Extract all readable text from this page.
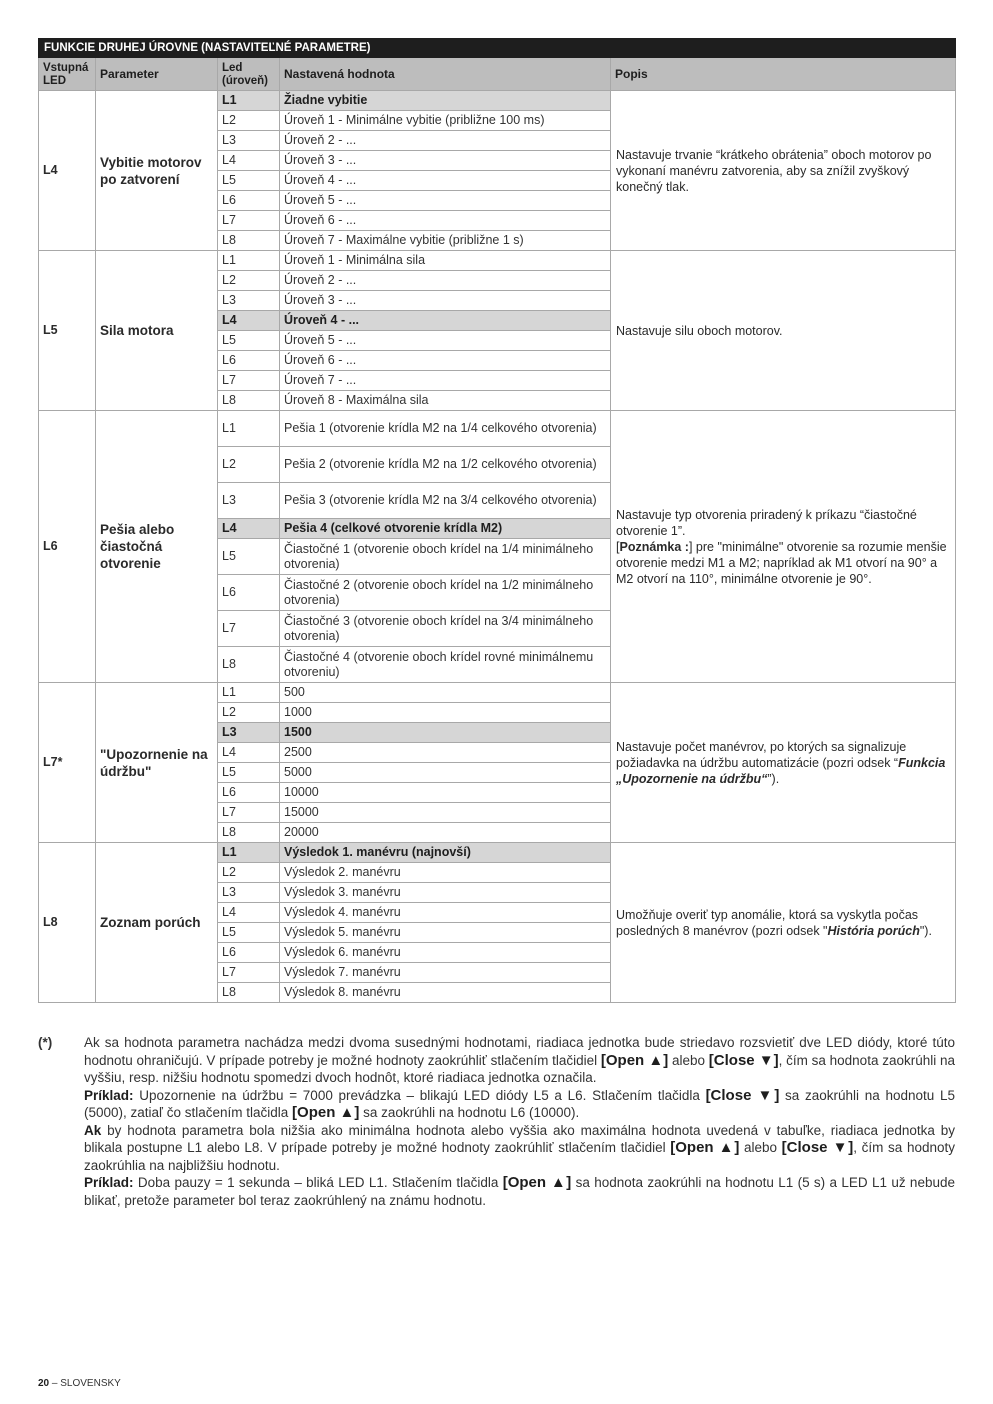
FUNKCIE DRUHEJ ÚROVNE (NASTAVITEĽNÉ PARAMETRE)				
Vstupná LED	Parameter	Led (úroveň)	Nastavená hodnota	Popis
L4	Vybitie motorov po zatvorení	L1	Žiadne vybitie	Nastavuje trvanie “krátkeho obrátenia” oboch motorov po vykonaní manévru zatvorenia, aby sa znížil zvyškový konečný tlak.
		L2	Úroveň 1 - Minimálne vybitie (približne 100 ms)	
		L3	Úroveň 2 - ...	
		L4	Úroveň 3 - ...	
		L5	Úroveň 4 - ...	
		L6	Úroveň 5 - ...	
		L7	Úroveň 6 - ...	
		L8	Úroveň 7 - Maximálne vybitie (približne 1 s)	
L5	Sila motora	L1	Úroveň 1 - Minimálna sila	Nastavuje silu oboch motorov.
		L2	Úroveň 2 - ...	
		L3	Úroveň 3 - ...	
		L4	Úroveň 4 - ...	
		L5	Úroveň 5 - ...	
		L6	Úroveň 6 - ...	
		L7	Úroveň 7 - ...	
		L8	Úroveň 8 - Maximálna sila	
L6	Pešia alebo čiastočná otvorenie	L1	Pešia 1 (otvorenie krídla M2 na 1/4 celkového otvorenia)	Nastavuje typ otvorenia priradený k príkazu “čiastočné otvorenie 1”.
[Poznámka :] pre "minimálne" otvorenie sa rozumie menšie otvorenie medzi M1 a M2; napríklad ak M1 otvorí na 90° a M2 otvorí na 110°, minimálne otvorenie je 90°.
		L2	Pešia 2 (otvorenie krídla M2 na 1/2 celkového otvorenia)	
		L3	Pešia 3 (otvorenie krídla M2 na 3/4 celkového otvorenia)	
		L4	Pešia 4 (celkové otvorenie krídla M2)	
		L5	Čiastočné 1 (otvorenie oboch krídel na 1/4 minimálneho otvorenia)	
		L6	Čiastočné 2 (otvorenie oboch krídel na 1/2 minimálneho otvorenia)	
		L7	Čiastočné 3 (otvorenie oboch krídel na 3/4 minimálneho otvorenia)	
		L8	Čiastočné 4 (otvorenie oboch krídel rovné minimálnemu otvoreniu)	
L7*	"Upozornenie na údržbu"	L1	500	Nastavuje počet manévrov, po ktorých sa signalizuje požiadavka na údržbu automatizácie (pozri odsek “Funkcia „Upozornenie na údržbu“”).
		L2	1000	
		L3	1500	
		L4	2500	
		L5	5000	
		L6	10000	
		L7	15000	
		L8	20000	
L8	Zoznam porúch	L1	Výsledok 1. manévru (najnovší)	Umožňuje overiť typ anomálie, ktorá sa vyskytla počas posledných 8 manévrov (pozri odsek "História porúch").
		L2	Výsledok 2. manévru	
		L3	Výsledok 3. manévru	
		L4	Výsledok 4. manévru	
		L5	Výsledok 5. manévru	
		L6	Výsledok 6. manévru	
		L7	Výsledok 7. manévru	
		L8	Výsledok 8. manévru	
(*) Ak sa hodnota parametra nachádza medzi dvoma susednými hodnotami, riadiaca jednotka bude striedavo rozsvietiť dve LED diódy, ktoré túto hodnotu ohraničujú. V prípade potreby je možné hodnoty zaokrúhliť stlačením tlačidiel [Open ▲] alebo [Close ▼], čím sa hodnota zaokrúhli na vyššiu, resp. nižšiu hodnotu spomedzi dvoch hodnôt, ktoré riadiaca jednotka označila.

Príklad: Upozornenie na údržbu = 7000 prevádzka – blikajú LED diódy L5 a L6. Stlačením tlačidla [Close ▼] sa zaokrúhli na hodnotu L5 (5000), zatiaľ čo stlačením tlačidla [Open ▲] sa zaokrúhli na hodnotu L6 (10000).

Ak by hodnota parametra bola nižšia ako minimálna hodnota alebo vyššia ako maximálna hodnota uvedená v tabuľke, riadiaca jednotka by blikala postupne L1 alebo L8. V prípade potreby je možné hodnoty zaokrúhliť stlačením tlačidiel [Open ▲] alebo [Close ▼], čím sa hodnoty zaokrúhlia na najbližšiu hodnotu.

Príklad: Doba pauzy = 1 sekunda – bliká LED L1. Stlačením tlačidla [Open ▲] sa hodnota zaokrúhli na hodnotu L1 (5 s) a LED L1 už nebude blikať, pretože parameter bol teraz zaokrúhlený na známu hodnotu.

20 – SLOVENSKY
